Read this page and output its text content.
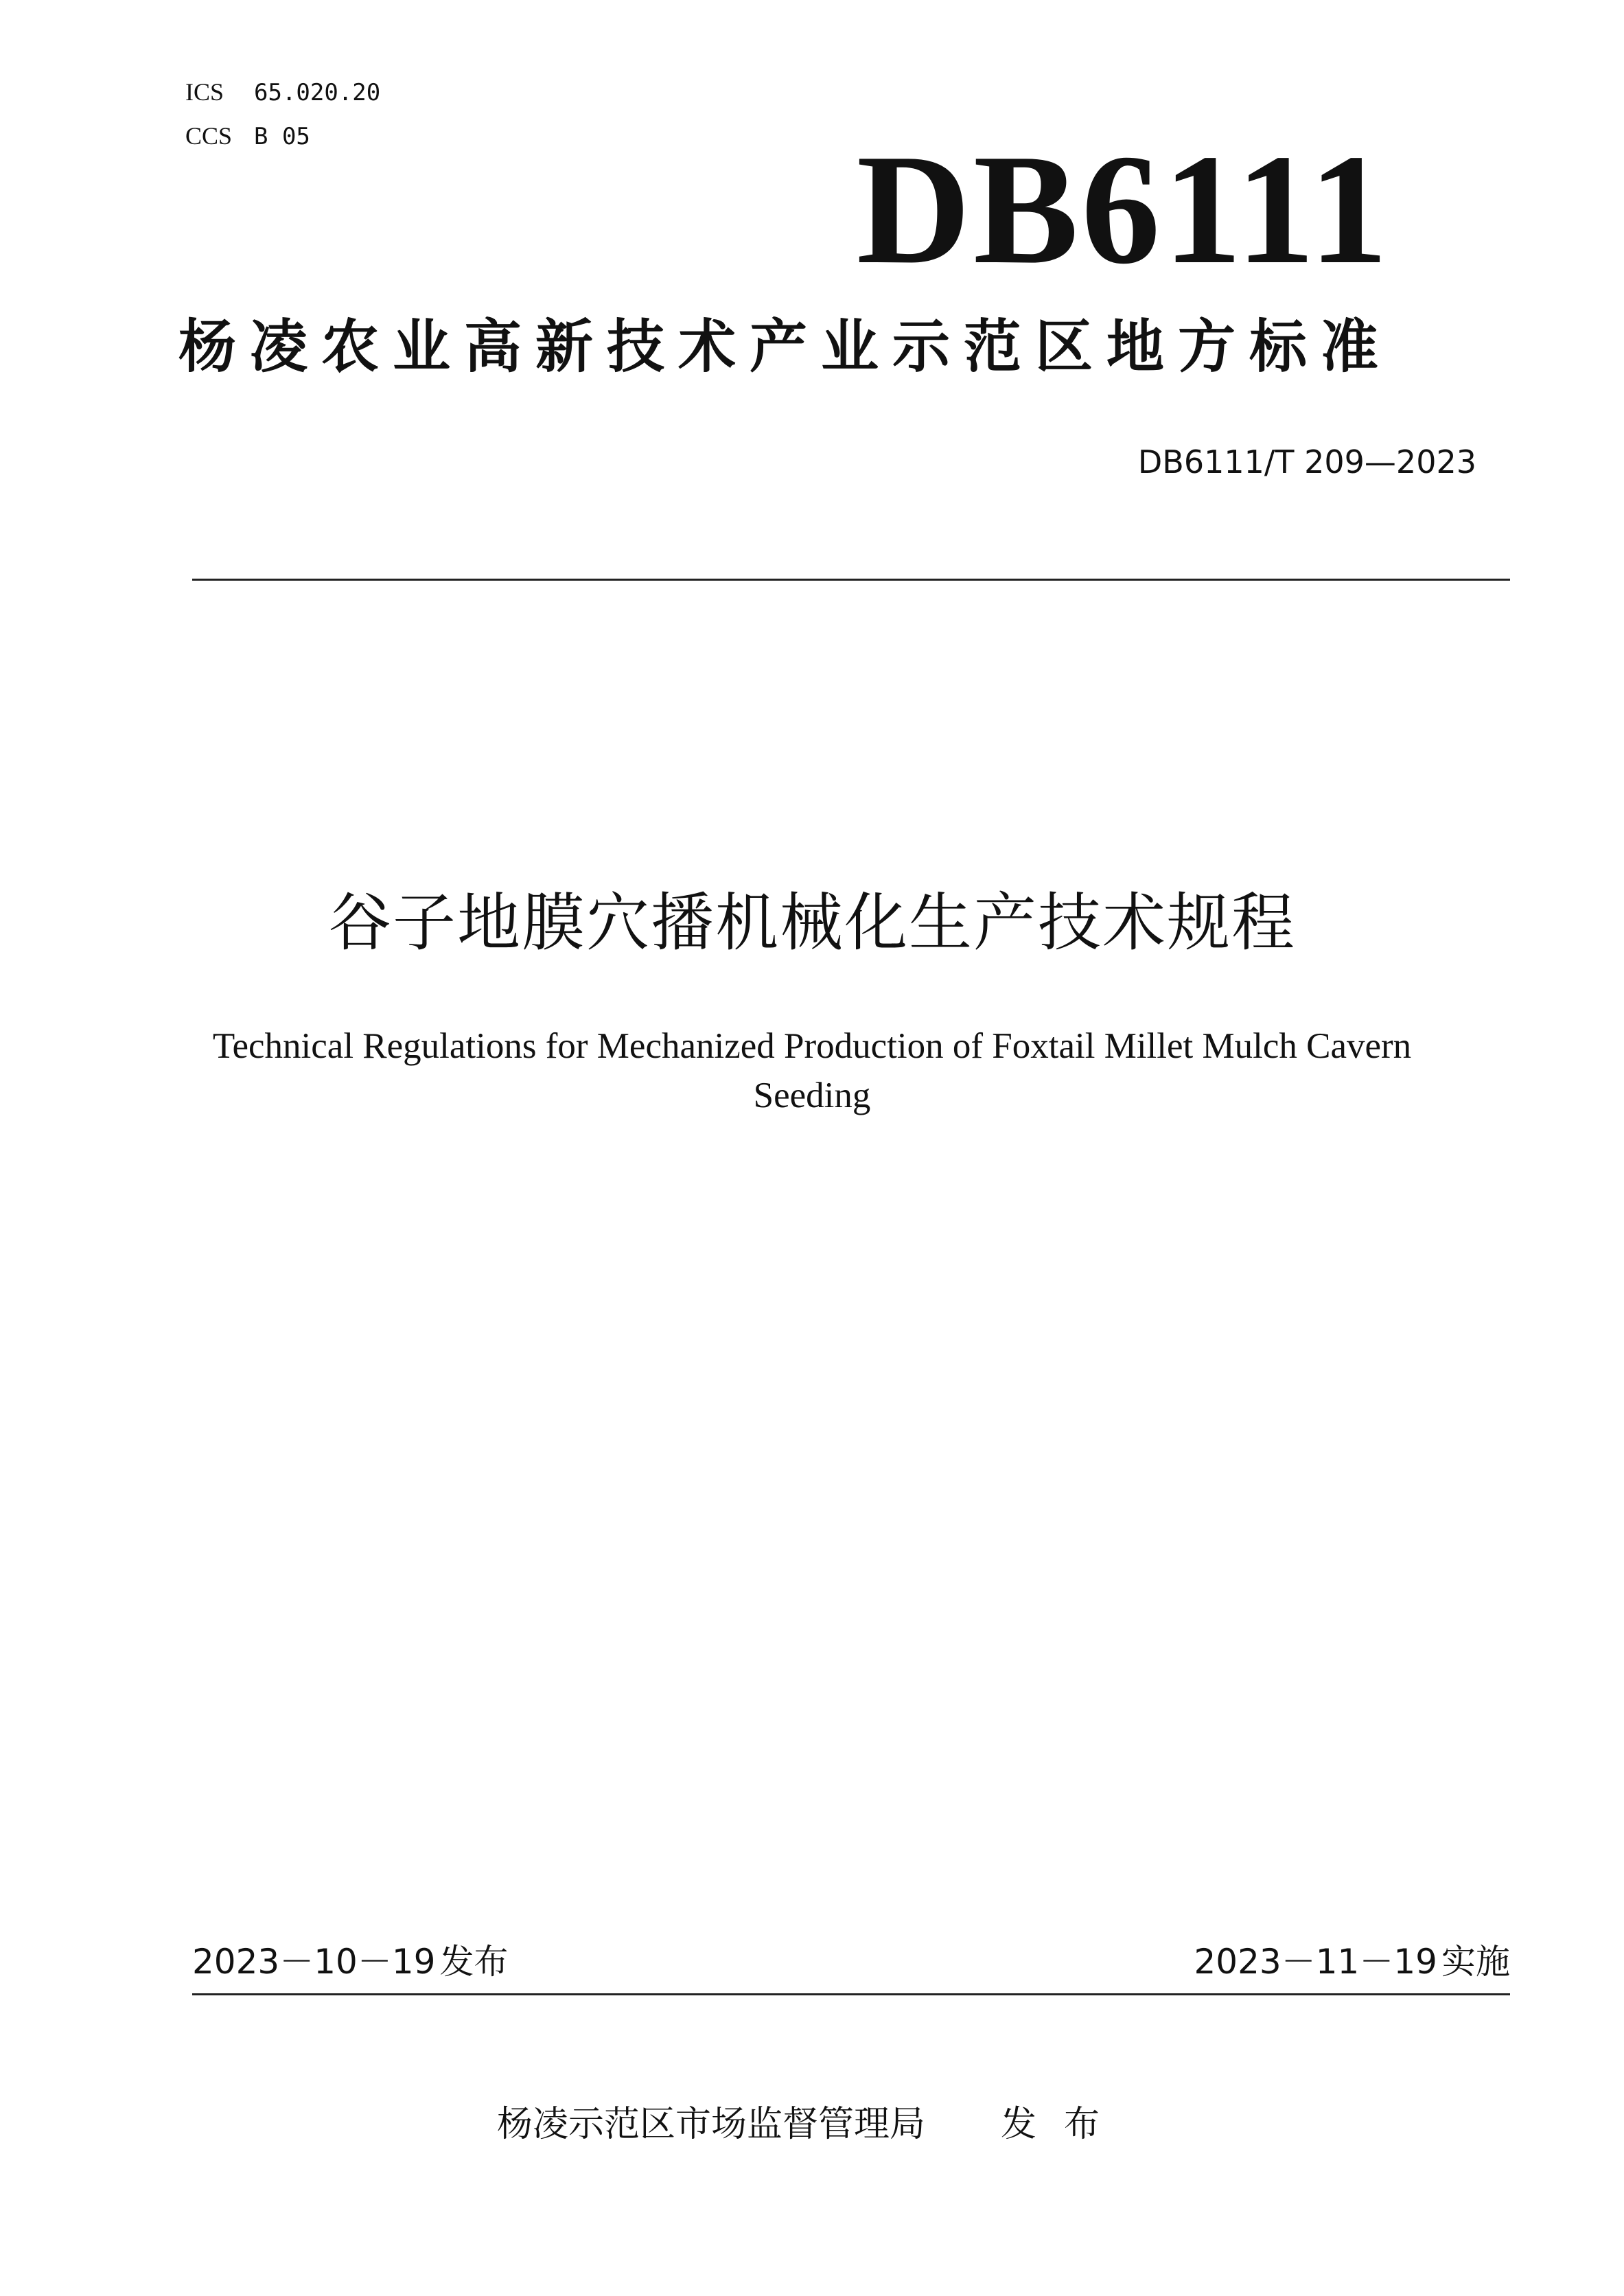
ICS 65.020.20
CCS B 05	DB6111
杨凌农业高新技术产业示范区地方标准
DB6111/T 209—2023
谷子地膜穴播机械化生产技术规程
Technical Regulations for Mechanized Production of Foxtail Millet Mulch Cavern Seeding
2023－10－19 发布	2023－11－19 实施
杨凌示范区市场监督管理局 发布
